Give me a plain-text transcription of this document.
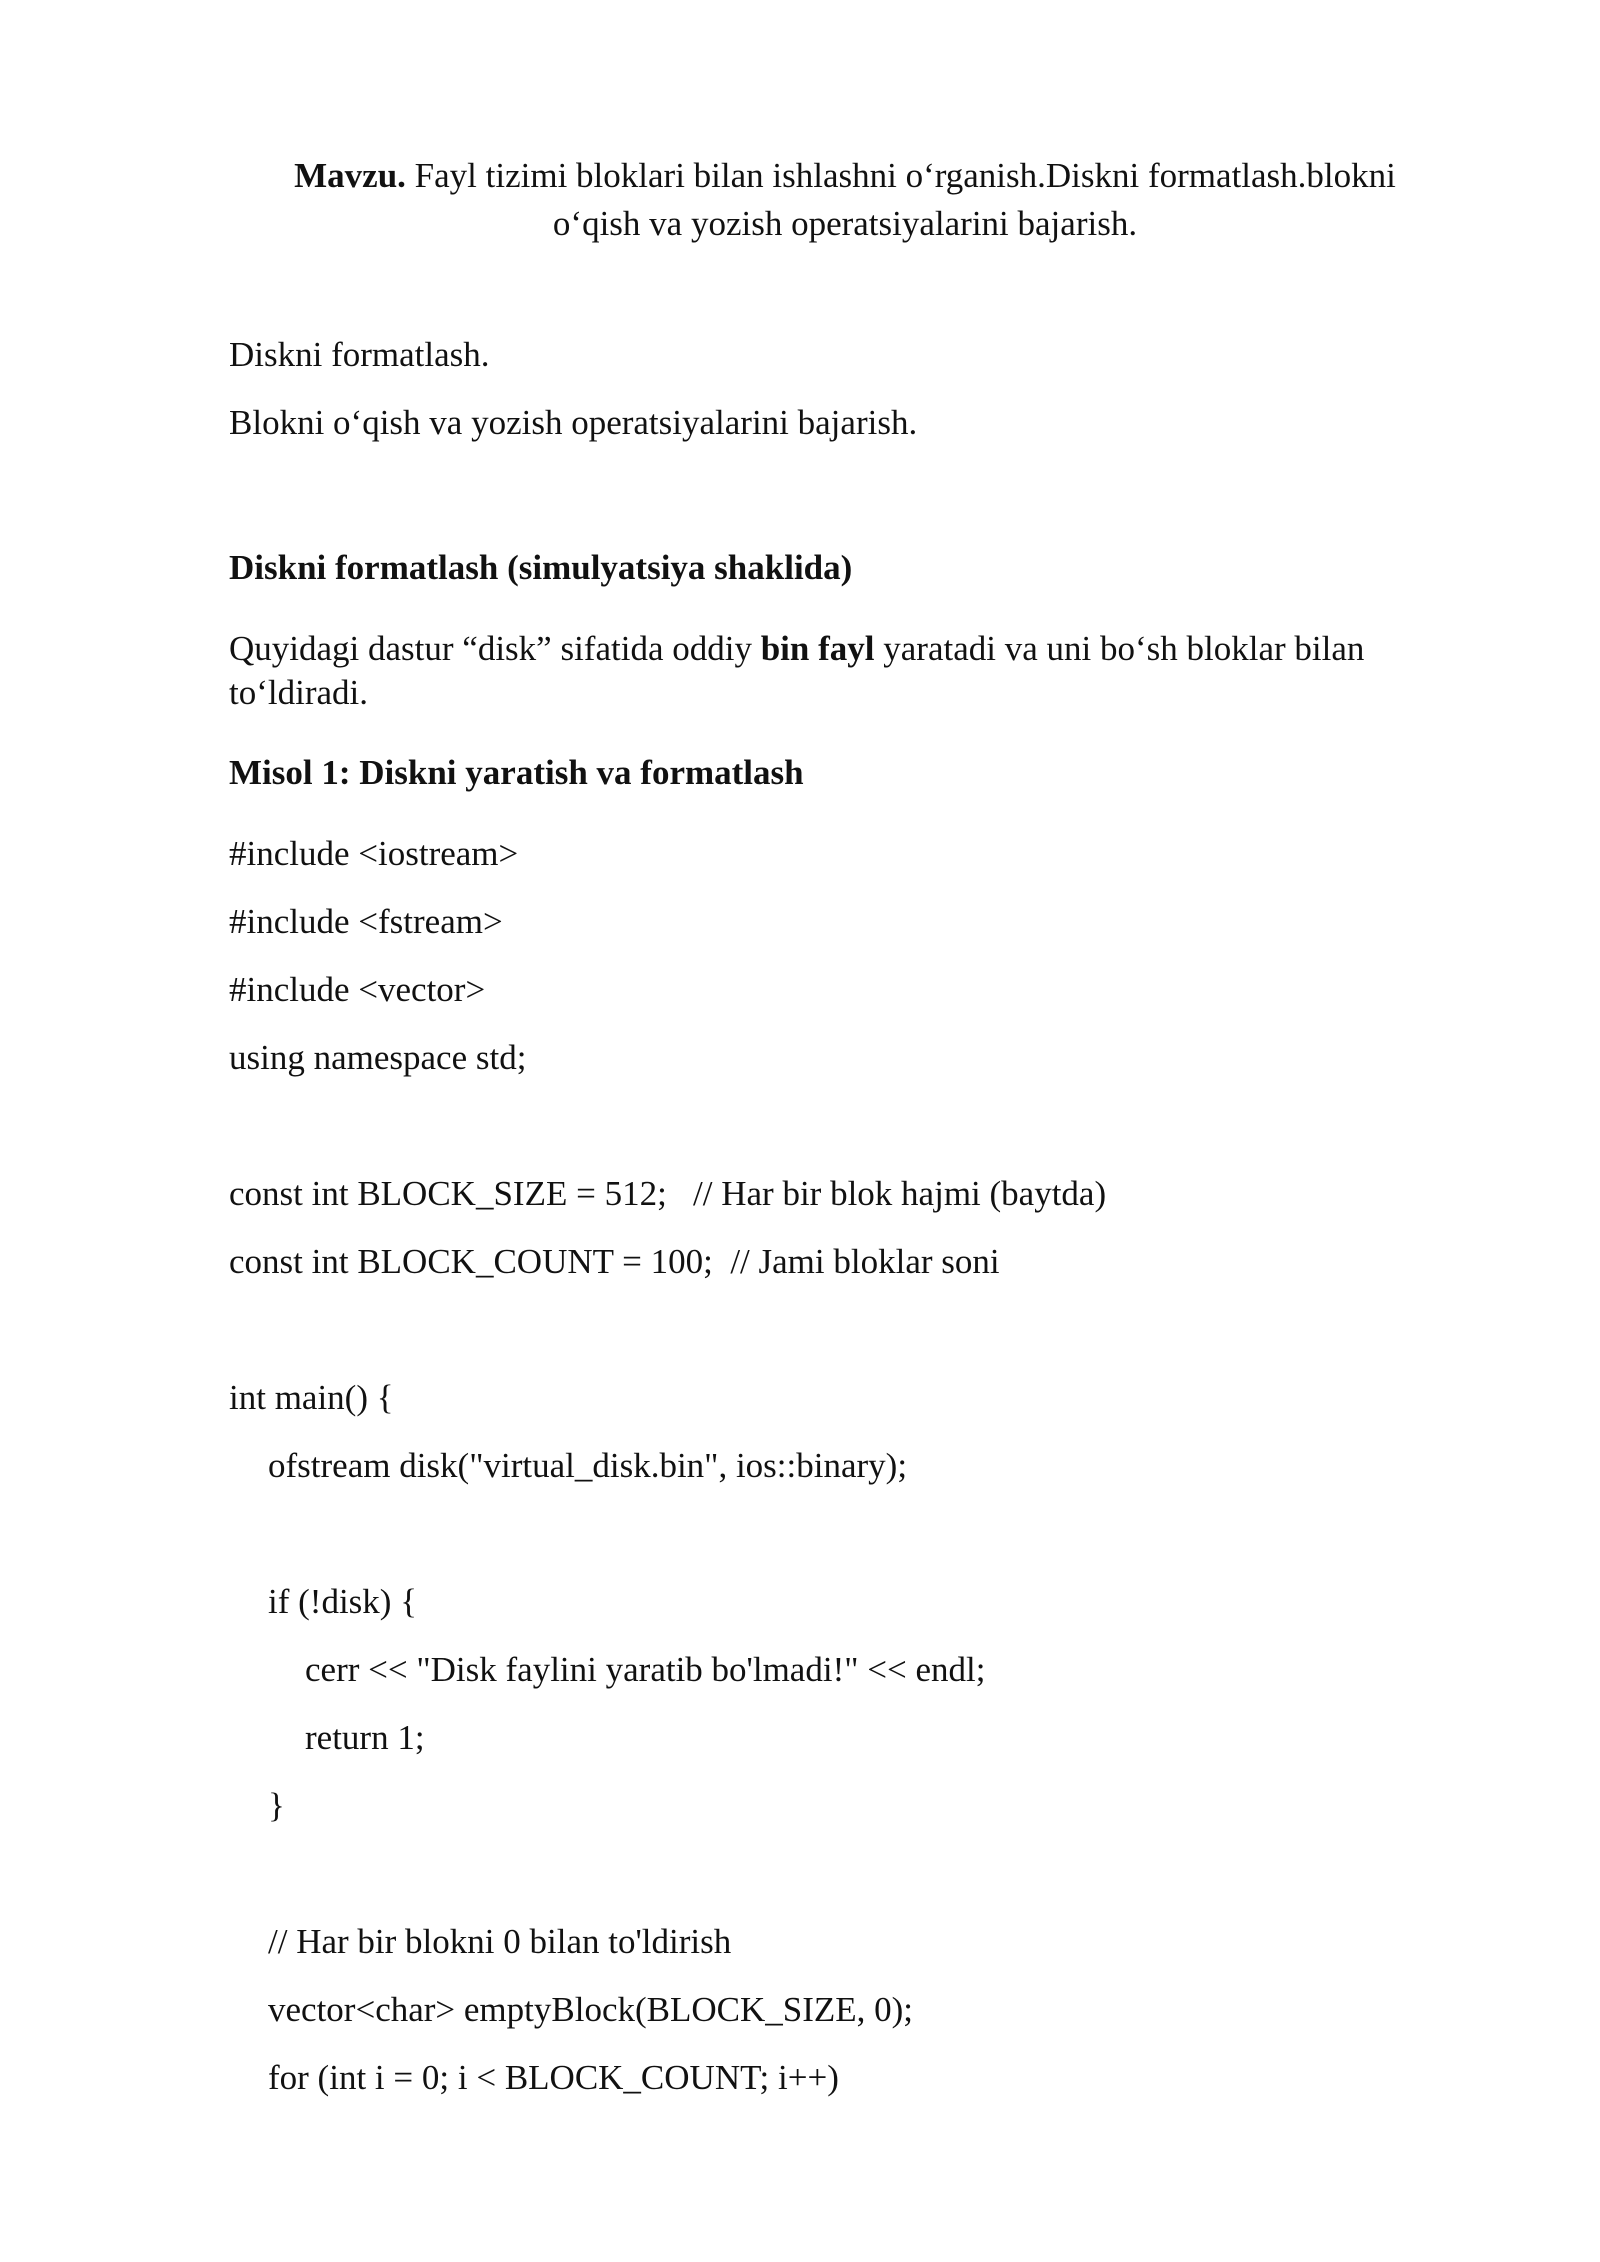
Mavzu. Fayl tizimi bloklari bilan ishlashni o‘rganish.Diskni formatlash.blokni
o‘qish va yozish operatsiyalarini bajarish.
Diskni formatlash.
Blokni o‘qish va yozish operatsiyalarini bajarish.
Diskni formatlash (simulyatsiya shaklida)
Quyidagi dastur “disk” sifatida oddiy bin fayl yaratadi va uni bo‘sh bloklar bilan to‘ldiradi.
Misol 1: Diskni yaratish va formatlash
#include <iostream>
#include <fstream>
#include <vector>
using namespace std;
const int BLOCK_SIZE = 512;   // Har bir blok hajmi (baytda)
const int BLOCK_COUNT = 100;  // Jami bloklar soni
int main() {
ofstream disk("virtual_disk.bin", ios::binary);
if (!disk) {
cerr << "Disk faylini yaratib bo'lmadi!" << endl;
return 1;
}
// Har bir blokni 0 bilan to'ldirish
vector<char> emptyBlock(BLOCK_SIZE, 0);
for (int i = 0; i < BLOCK_COUNT; i++)
